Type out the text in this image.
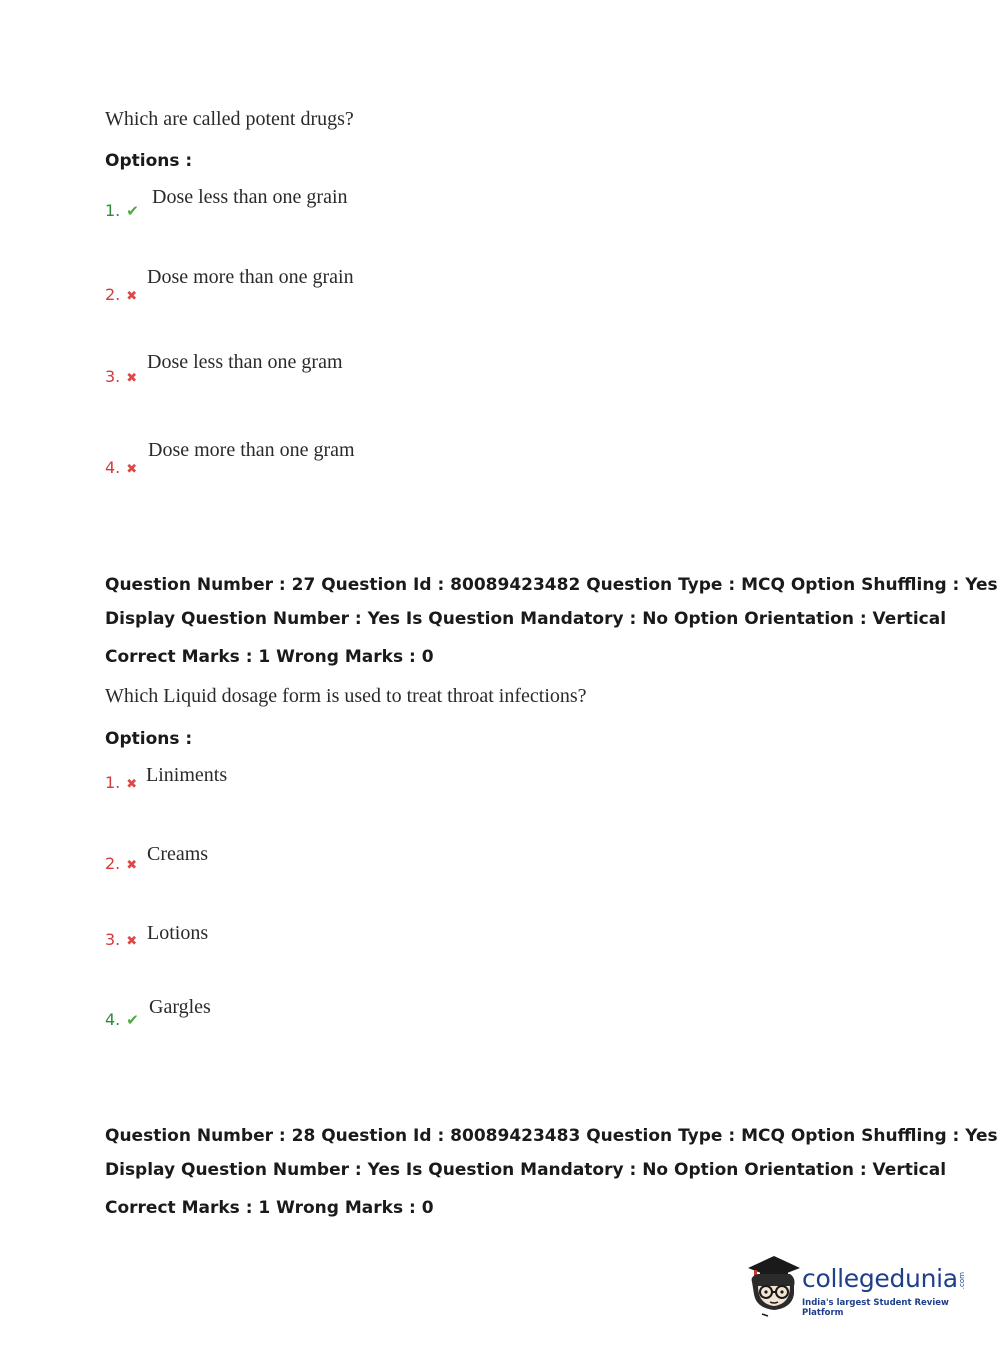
Which are called potent drugs?
Options :
1. ✔
Dose less than one grain
2. ✖
Dose more than one grain
3. ✖
Dose less than one gram
4. ✖
Dose more than one gram
Question Number : 27 Question Id : 80089423482 Question Type : MCQ Option Shuffling : Yes
Display Question Number : Yes Is Question Mandatory : No Option Orientation : Vertical
Correct Marks : 1 Wrong Marks : 0
Which Liquid dosage form is used to treat throat infections?
Options :
1. ✖ Liniments
2. ✖
Creams
3. ✖ Lotions
4. ✔
Gargles
Question Number : 28 Question Id : 80089423483 Question Type : MCQ Option Shuffling : Yes
Display Question Number : Yes Is Question Mandatory : No Option Orientation : Vertical
Correct Marks : 1 Wrong Marks : 0
collegedunia .com
India's largest Student Review Platform
